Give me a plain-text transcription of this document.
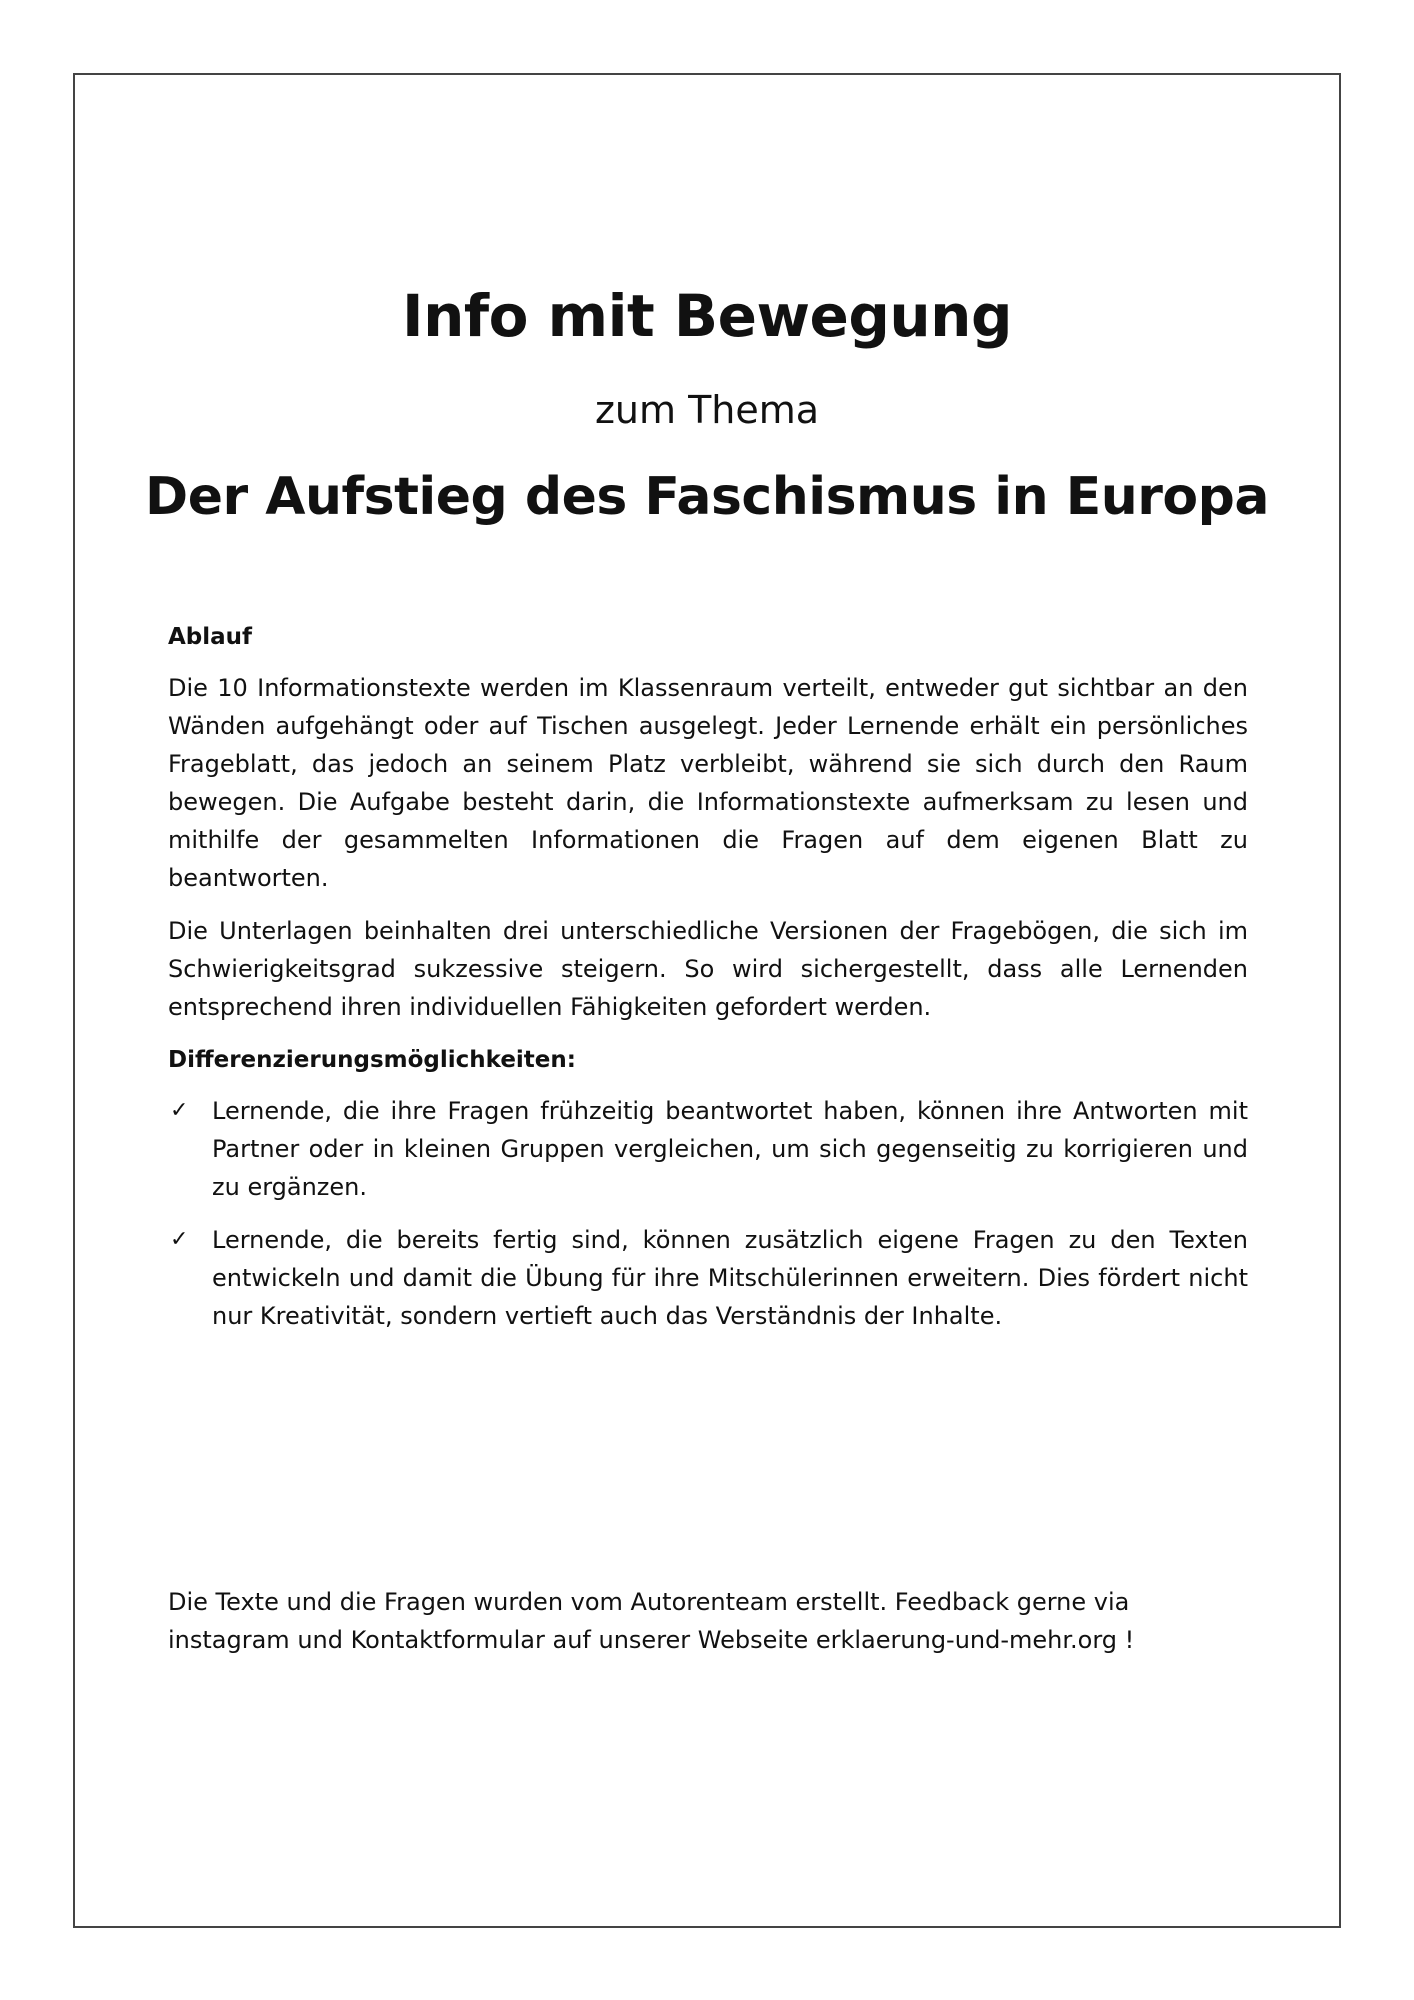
Info mit Bewegung
zum Thema
Der Aufstieg des Faschismus in Europa
Ablauf

Die 10 Informationstexte werden im Klassenraum verteilt, entweder gut sichtbar an den Wänden aufgehängt oder auf Tischen ausgelegt. Jeder Lernende erhält ein persönliches Frageblatt, das jedoch an seinem Platz verbleibt, während sie sich durch den Raum bewegen. Die Aufgabe besteht darin, die Informationstexte aufmerksam zu lesen und mithilfe der gesammelten Informationen die Fragen auf dem eigenen Blatt zu beantworten.

Die Unterlagen beinhalten drei unterschiedliche Versionen der Fragebögen, die sich im Schwierigkeitsgrad sukzessive steigern. So wird sichergestellt, dass alle Lernenden entsprechend ihren individuellen Fähigkeiten gefordert werden.

Differenzierungsmöglichkeiten:
✓ Lernende, die ihre Fragen frühzeitig beantwortet haben, können ihre Antworten mit Partner oder in kleinen Gruppen vergleichen, um sich gegenseitig zu korrigieren und zu ergänzen.
✓ Lernende, die bereits fertig sind, können zusätzlich eigene Fragen zu den Texten entwickeln und damit die Übung für ihre Mitschülerinnen erweitern. Dies fördert nicht nur Kreativität, sondern vertieft auch das Verständnis der Inhalte.
Die Texte und die Fragen wurden vom Autorenteam erstellt. Feedback gerne via
instagram und Kontaktformular auf unserer Webseite erklaerung-und-mehr.org !
